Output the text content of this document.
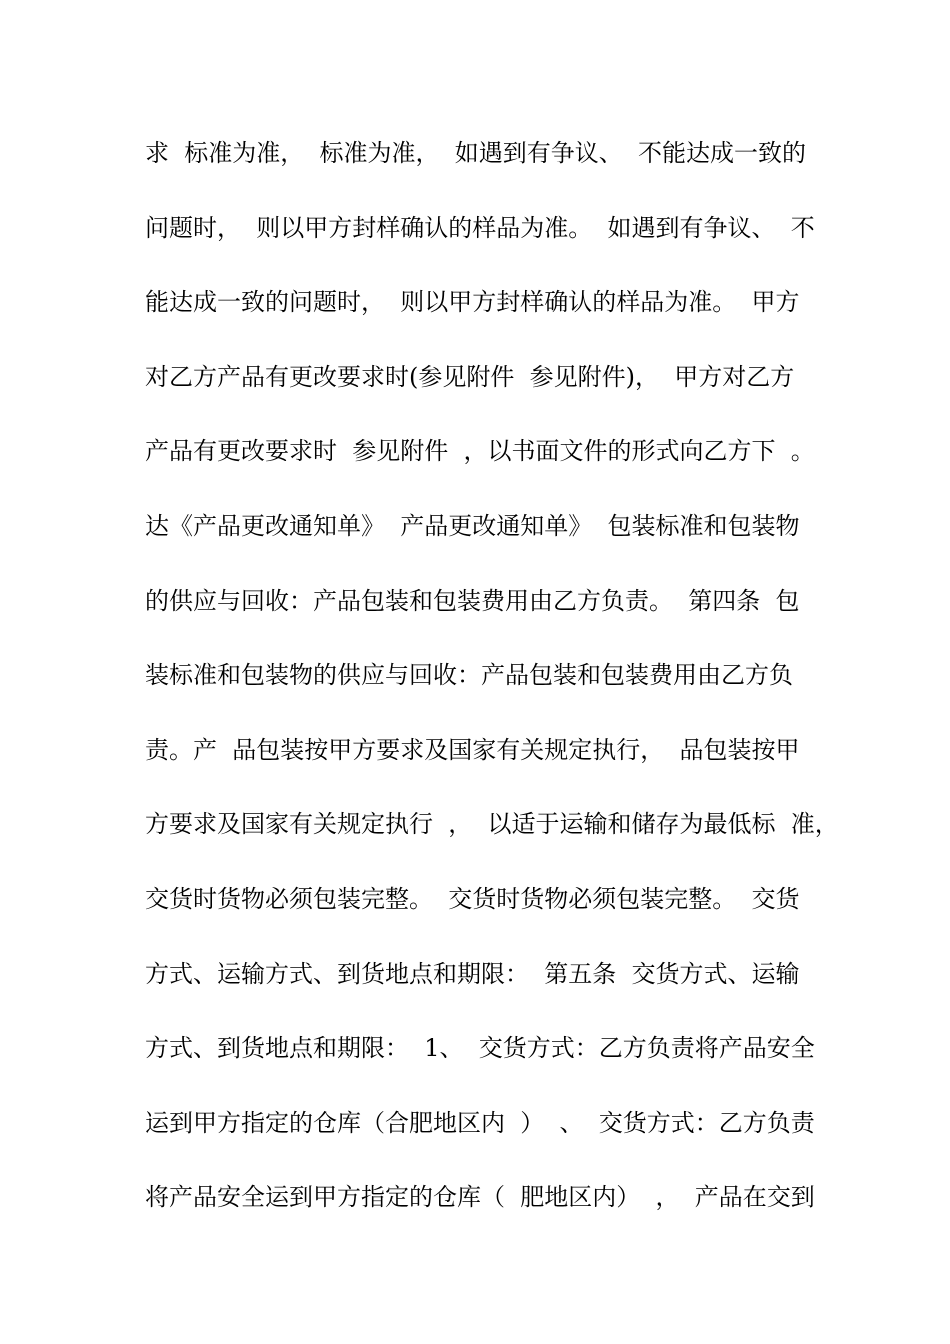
求  标准为准，  标准为准，  如遇到有争议、  不能达成一致的
问题时，  则以甲方封样确认的样品为准。  如遇到有争议、  不
能达成一致的问题时，  则以甲方封样确认的样品为准。  甲方
对乙方产品有更改要求时(参见附件  参见附件)，  甲方对乙方
产品有更改要求时  参见附件  ，以书面文件的形式向乙方下  。
达《产品更改通知单》  产品更改通知单》  包装标准和包装物
的供应与回收：产品包装和包装费用由乙方负责。  第四条  包
装标准和包装物的供应与回收：产品包装和包装费用由乙方负
责。产  品包装按甲方要求及国家有关规定执行，  品包装按甲
方要求及国家有关规定执行  ，  以适于运输和储存为最低标  准，
交货时货物必须包装完整。  交货时货物必须包装完整。  交货
方式、运输方式、到货地点和期限：  第五条  交货方式、运输
方式、到货地点和期限：  1、  交货方式：乙方负责将产品安全
运到甲方指定的仓库（合肥地区内  ）  、  交货方式：乙方负责
将产品安全运到甲方指定的仓库（  肥地区内）  ，  产品在交到
